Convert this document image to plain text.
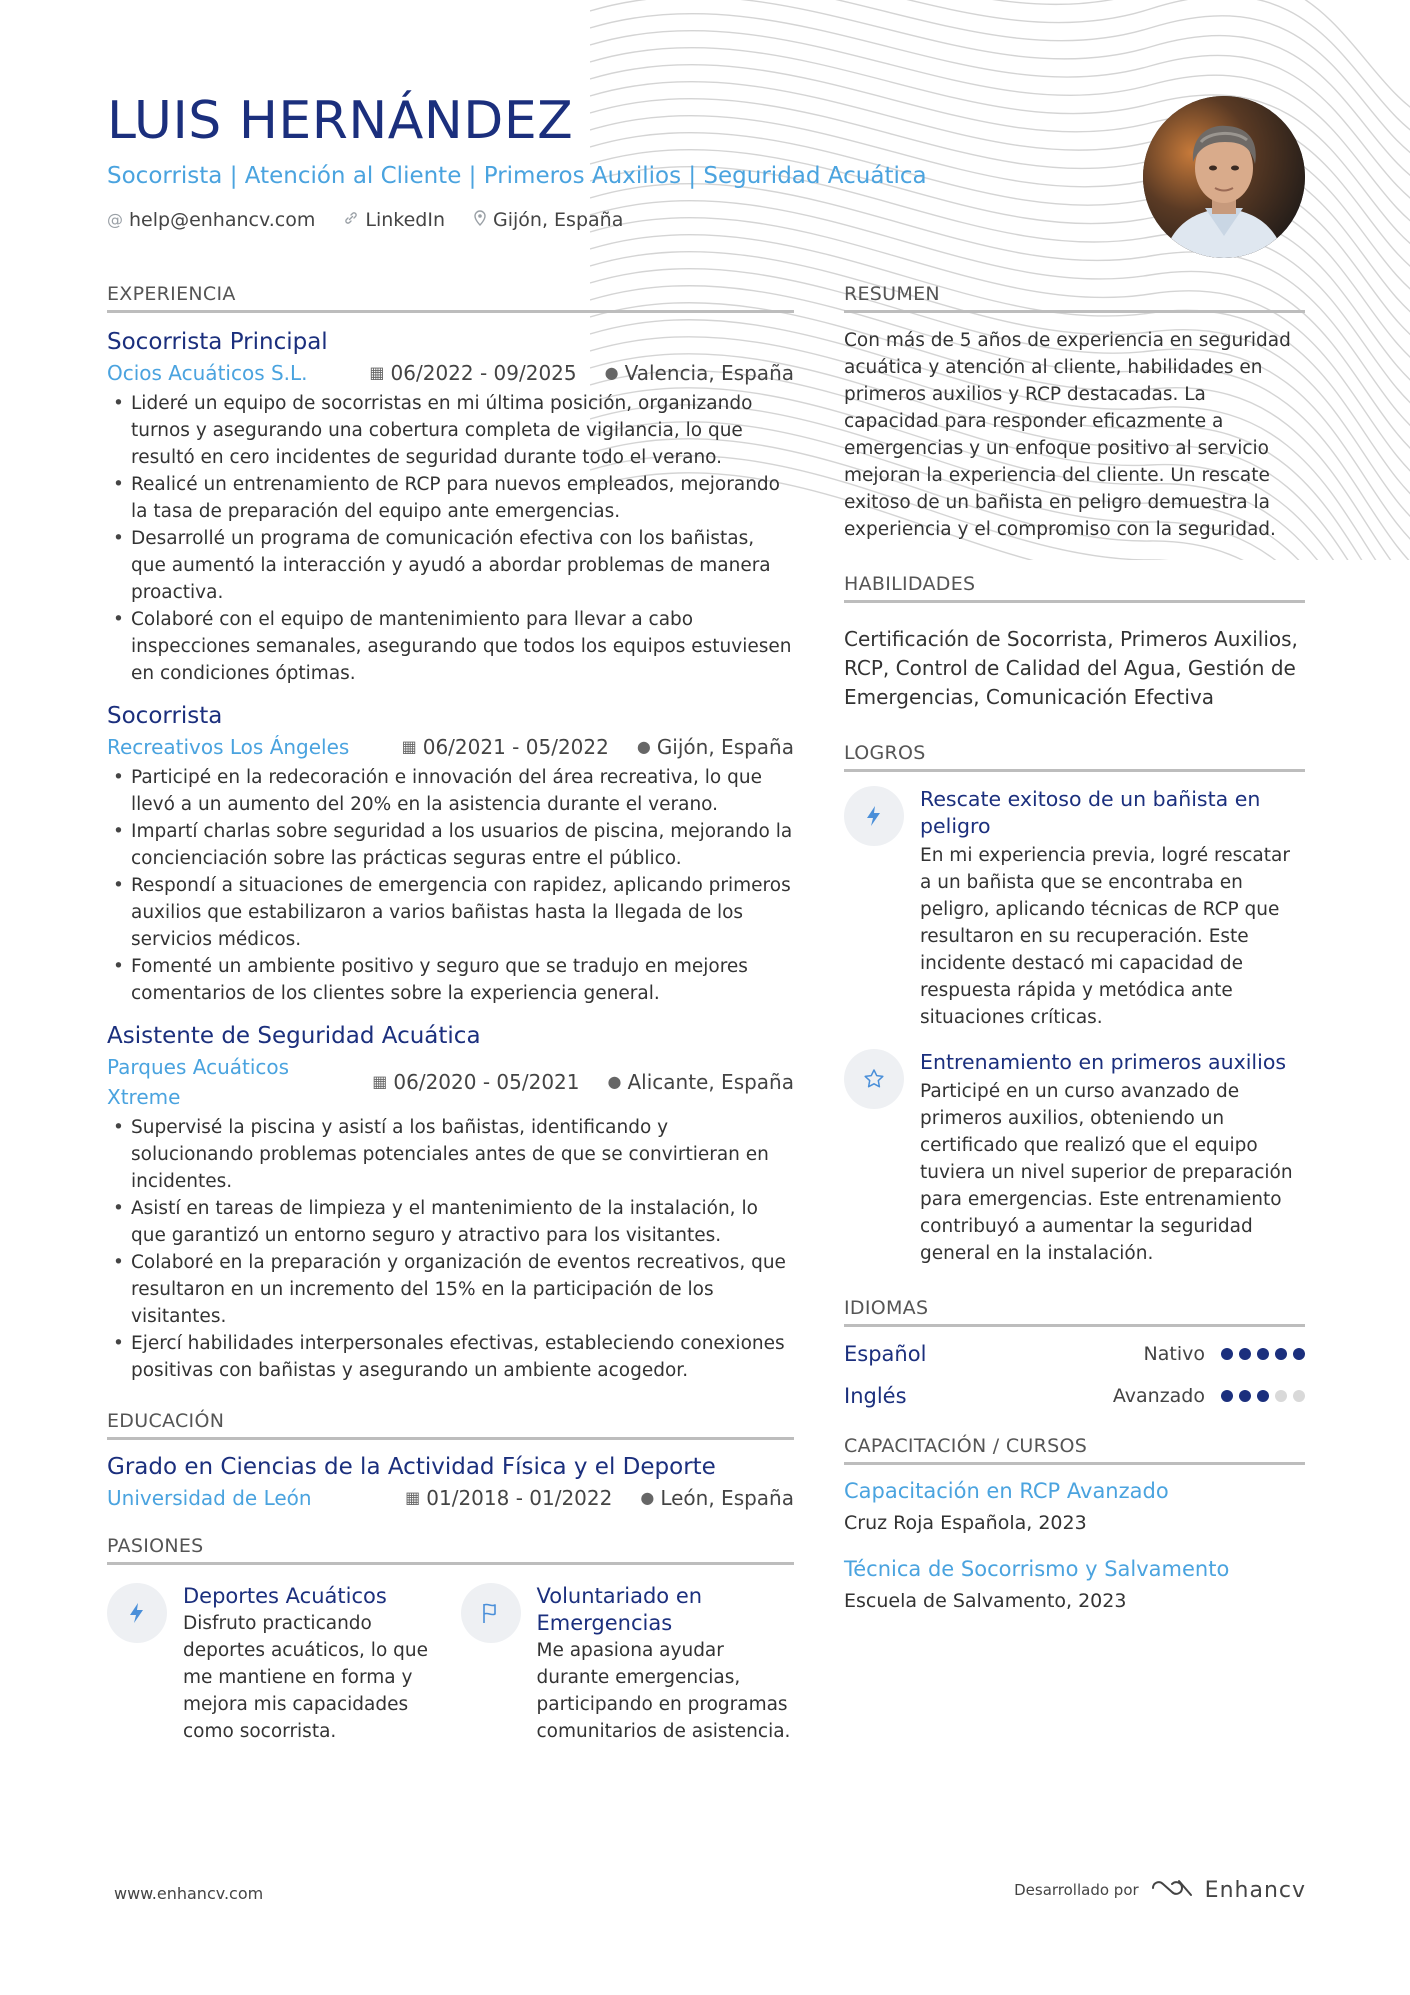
LUIS HERNÁNDEZ
Socorrista | Atención al Cliente | Primeros Auxilios | Seguridad Acuática
@ help@enhancv.com	LinkedIn	Gijón, España
EXPERIENCIA
Socorrista Principal
Ocios Acuáticos S.L.	▦ 06/2022 - 09/2025 ● Valencia, España
• Lideré un equipo de socorristas en mi última posición, organizando turnos y asegurando una cobertura completa de vigilancia, lo que resultó en cero incidentes de seguridad durante todo el verano.
• Realicé un entrenamiento de RCP para nuevos empleados, mejorando la tasa de preparación del equipo ante emergencias.
• Desarrollé un programa de comunicación efectiva con los bañistas, que aumentó la interacción y ayudó a abordar problemas de manera proactiva.
• Colaboré con el equipo de mantenimiento para llevar a cabo inspecciones semanales, asegurando que todos los equipos estuviesen en condiciones óptimas.
Socorrista
Recreativos Los Ángeles	▦ 06/2021 - 05/2022 ● Gijón, España
• Participé en la redecoración e innovación del área recreativa, lo que llevó a un aumento del 20% en la asistencia durante el verano.
• Impartí charlas sobre seguridad a los usuarios de piscina, mejorando la concienciación sobre las prácticas seguras entre el público.
• Respondí a situaciones de emergencia con rapidez, aplicando primeros auxilios que estabilizaron a varios bañistas hasta la llegada de los servicios médicos.
• Fomenté un ambiente positivo y seguro que se tradujo en mejores comentarios de los clientes sobre la experiencia general.
Asistente de Seguridad Acuática
Parques Acuáticos Xtreme
▦ 06/2020 - 05/2021 ● Alicante, España
• Supervisé la piscina y asistí a los bañistas, identificando y solucionando problemas potenciales antes de que se convirtieran en incidentes.
• Asistí en tareas de limpieza y el mantenimiento de la instalación, lo que garantizó un entorno seguro y atractivo para los visitantes.
• Colaboré en la preparación y organización de eventos recreativos, que resultaron en un incremento del 15% en la participación de los visitantes.
• Ejercí habilidades interpersonales efectivas, estableciendo conexiones positivas con bañistas y asegurando un ambiente acogedor.
EDUCACIÓN
Grado en Ciencias de la Actividad Física y el Deporte
Universidad de León	▦ 01/2018 - 01/2022 ● León, España
PASIONES
Deportes Acuáticos
Disfruto practicando deportes acuáticos, lo que me mantiene en forma y mejora mis capacidades como socorrista.
Voluntariado en Emergencias
Me apasiona ayudar durante emergencias, participando en programas comunitarios de asistencia.
RESUMEN
Con más de 5 años de experiencia en seguridad acuática y atención al cliente, habilidades en primeros auxilios y RCP destacadas. La capacidad para responder eficazmente a emergencias y un enfoque positivo al servicio mejoran la experiencia del cliente. Un rescate exitoso de un bañista en peligro demuestra la experiencia y el compromiso con la seguridad.
HABILIDADES
Certificación de Socorrista, Primeros Auxilios, RCP, Control de Calidad del Agua, Gestión de Emergencias, Comunicación Efectiva
LOGROS
Rescate exitoso de un bañista en peligro
En mi experiencia previa, logré rescatar a un bañista que se encontraba en peligro, aplicando técnicas de RCP que resultaron en su recuperación. Este incidente destacó mi capacidad de respuesta rápida y metódica ante situaciones críticas.
Entrenamiento en primeros auxilios
Participé en un curso avanzado de primeros auxilios, obteniendo un certificado que realizó que el equipo tuviera un nivel superior de preparación para emergencias. Este entrenamiento contribuyó a aumentar la seguridad general en la instalación.
IDIOMAS
Español	Nativo
Inglés	Avanzado
CAPACITACIÓN / CURSOS
Capacitación en RCP Avanzado
Cruz Roja Española, 2023
Técnica de Socorrismo y Salvamento
Escuela de Salvamento, 2023
www.enhancv.com	Desarrollado por	Enhancv
